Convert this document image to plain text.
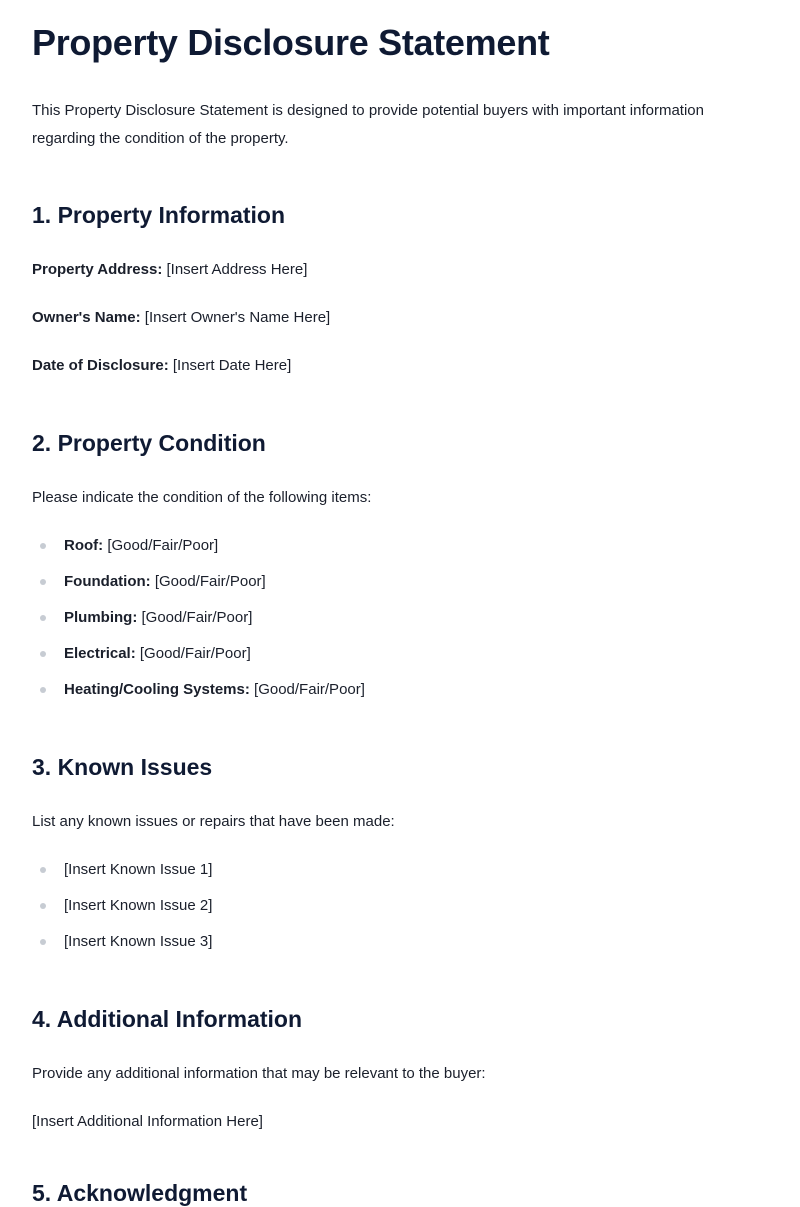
Property Disclosure Statement

This Property Disclosure Statement is designed to provide potential buyers with important information regarding the condition of the property.

1. Property Information

Property Address: [Insert Address Here]

Owner's Name: [Insert Owner's Name Here]

Date of Disclosure: [Insert Date Here]

2. Property Condition

Please indicate the condition of the following items:

Roof: [Good/Fair/Poor]
Foundation: [Good/Fair/Poor]
Plumbing: [Good/Fair/Poor]
Electrical: [Good/Fair/Poor]
Heating/Cooling Systems: [Good/Fair/Poor]
3. Known Issues

List any known issues or repairs that have been made:

[Insert Known Issue 1]
[Insert Known Issue 2]
[Insert Known Issue 3]
4. Additional Information

Provide any additional information that may be relevant to the buyer:

[Insert Additional Information Here]

5. Acknowledgment
